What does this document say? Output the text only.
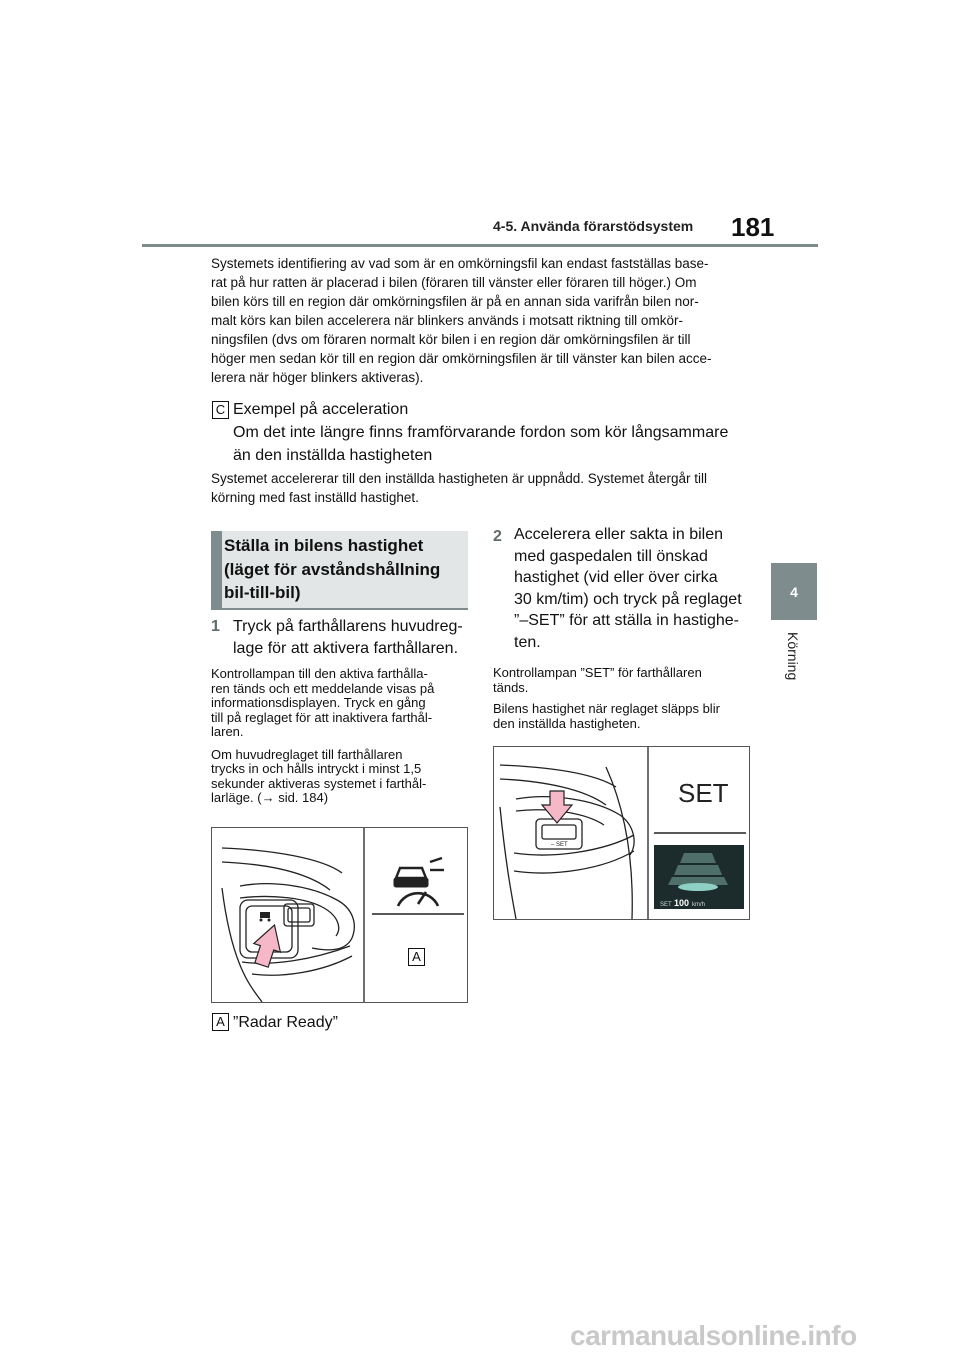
4-5. Använda förarstödsystem 181
4
Körning

Systemets identifiering av vad som är en omkörningsfil kan endast fastställas base-

rat på hur ratten är placerad i bilen (föraren till vänster eller föraren till höger.) Om

bilen körs till en region där omkörningsfilen är på en annan sida varifrån bilen nor-

malt körs kan bilen accelerera när blinkers används i motsatt riktning till omkör-

ningsfilen (dvs om föraren normalt kör bilen i en region där omkörningsfilen är till

höger men sedan kör till en region där omkörningsfilen är till vänster kan bilen acce-

lerera när höger blinkers aktiveras).

C Exempel på acceleration

Om det inte längre finns framförvarande fordon som kör långsammare

än den inställda hastigheten

Systemet accelererar till den inställda hastigheten är uppnådd. Systemet återgår till

körning med fast inställd hastighet.

Ställa in bilens hastighet

(läget för avståndshållning

bil-till-bil)

1 Tryck på farthållarens huvudreg-

lage för att aktivera farthållaren.

Kontrollampan till den aktiva farthålla-
ren tänds och ett meddelande visas på
informationsdisplayen. Tryck en gång
till på reglaget för att inaktivera farthål-
laren.

Om huvudreglaget till farthållaren
trycks in och hålls intryckt i minst 1,5
sekunder aktiveras systemet i farthål-
larläge. (→ sid. 184)

A
A ”Radar Ready”
2 Accelerera eller sakta in bilen

med gaspedalen till önskad

hastighet (vid eller över cirka

30 km/tim) och tryck på reglaget

”–SET” för att ställa in hastighe-

ten.

Kontrollampan ”SET” för farthållaren
tänds.

Bilens hastighet när reglaget släpps blir
den inställda hastigheten.

– SET
SET
SET 100 km/h
carmanualsonline.info
